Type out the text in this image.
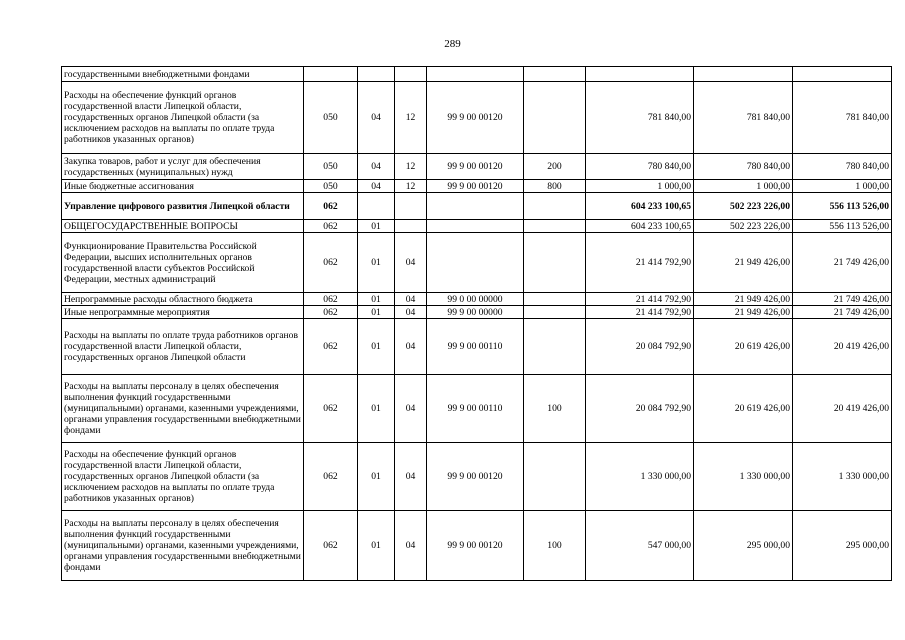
289
государственными внебюджетными фондами								
Расходы на обеспечение функций органов государственной власти Липецкой области, государственных органов Липецкой области (за исключением расходов на выплаты по оплате труда работников указанных органов)	050	04	12	99 9 00 00120		781 840,00	781 840,00	781 840,00
Закупка товаров, работ и услуг для обеспечения государственных (муниципальных) нужд	050	04	12	99 9 00 00120	200	780 840,00	780 840,00	780 840,00
Иные бюджетные ассигнования	050	04	12	99 9 00 00120	800	1 000,00	1 000,00	1 000,00
Управление цифрового развития Липецкой области	062					604 233 100,65	502 223 226,00	556 113 526,00
ОБЩЕГОСУДАРСТВЕННЫЕ ВОПРОСЫ	062	01				604 233 100,65	502 223 226,00	556 113 526,00
Функционирование Правительства Российской Федерации, высших исполнительных органов государственной власти субъектов Российской Федерации, местных администраций	062	01	04			21 414 792,90	21 949 426,00	21 749 426,00
Непрограммные расходы областного бюджета	062	01	04	99 0 00 00000		21 414 792,90	21 949 426,00	21 749 426,00
Иные непрограммные мероприятия	062	01	04	99 9 00 00000		21 414 792,90	21 949 426,00	21 749 426,00
Расходы на выплаты по оплате труда работников органов государственной власти Липецкой области, государственных органов Липецкой области	062	01	04	99 9 00 00110		20 084 792,90	20 619 426,00	20 419 426,00
Расходы на выплаты персоналу в целях обеспечения выполнения функций государственными (муниципальными) органами, казенными учреждениями, органами управления государственными внебюджетными фондами	062	01	04	99 9 00 00110	100	20 084 792,90	20 619 426,00	20 419 426,00
Расходы на обеспечение функций органов государственной власти Липецкой области, государственных органов Липецкой области (за исключением расходов на выплаты по оплате труда работников указанных органов)	062	01	04	99 9 00 00120		1 330 000,00	1 330 000,00	1 330 000,00
Расходы на выплаты персоналу в целях обеспечения выполнения функций государственными (муниципальными) органами, казенными учреждениями, органами управления государственными внебюджетными фондами	062	01	04	99 9 00 00120	100	547 000,00	295 000,00	295 000,00
